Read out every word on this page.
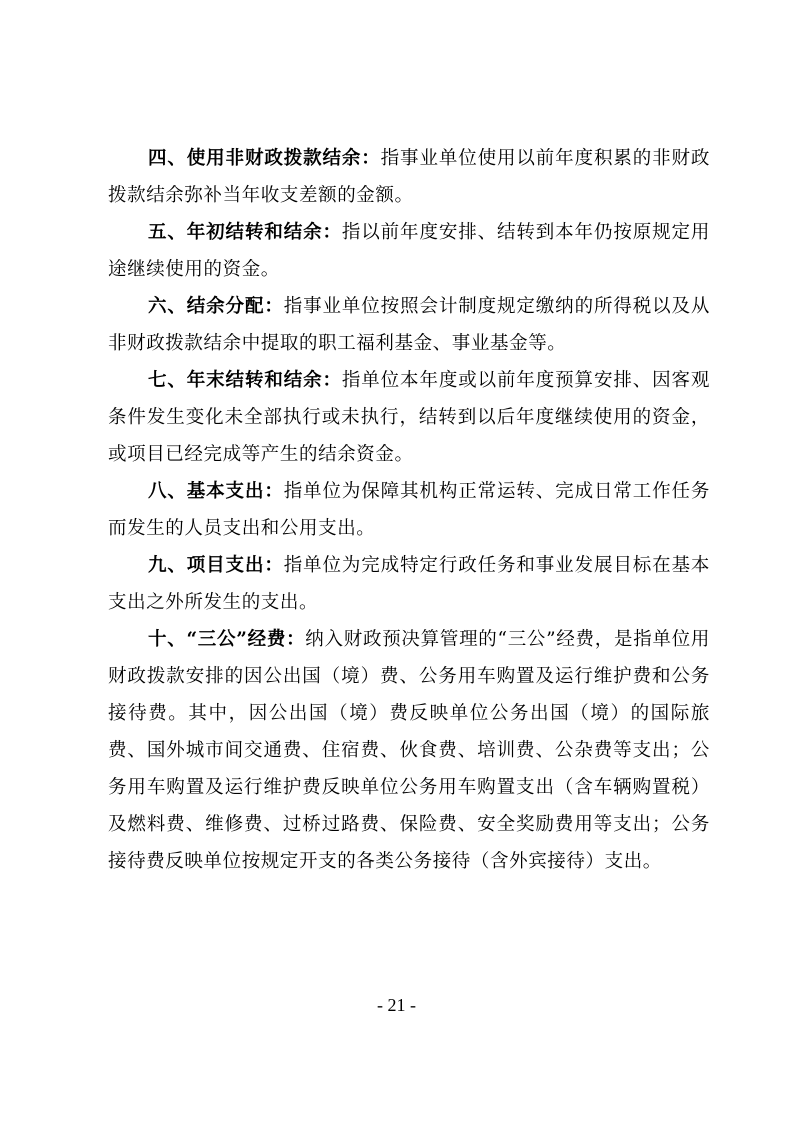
四、使用非财政拨款结余：指事业单位使用以前年度积累的非财政拨款结余弥补当年收支差额的金额。

五、年初结转和结余：指以前年度安排、结转到本年仍按原规定用途继续使用的资金。

六、结余分配：指事业单位按照会计制度规定缴纳的所得税以及从非财政拨款结余中提取的职工福利基金、事业基金等。

七、年末结转和结余：指单位本年度或以前年度预算安排、因客观条件发生变化未全部执行或未执行，结转到以后年度继续使用的资金，或项目已经完成等产生的结余资金。

八、基本支出：指单位为保障其机构正常运转、完成日常工作任务而发生的人员支出和公用支出。

九、项目支出：指单位为完成特定行政任务和事业发展目标在基本支出之外所发生的支出。

十、“三公”经费：纳入财政预决算管理的“三公”经费，是指单位用财政拨款安排的因公出国（境）费、公务用车购置及运行维护费和公务接待费。其中，因公出国（境）费反映单位公务出国（境）的国际旅费、国外城市间交通费、住宿费、伙食费、培训费、公杂费等支出；公务用车购置及运行维护费反映单位公务用车购置支出（含车辆购置税）及燃料费、维修费、过桥过路费、保险费、安全奖励费用等支出；公务接待费反映单位按规定开支的各类公务接待（含外宾接待）支出。

- 21 -
